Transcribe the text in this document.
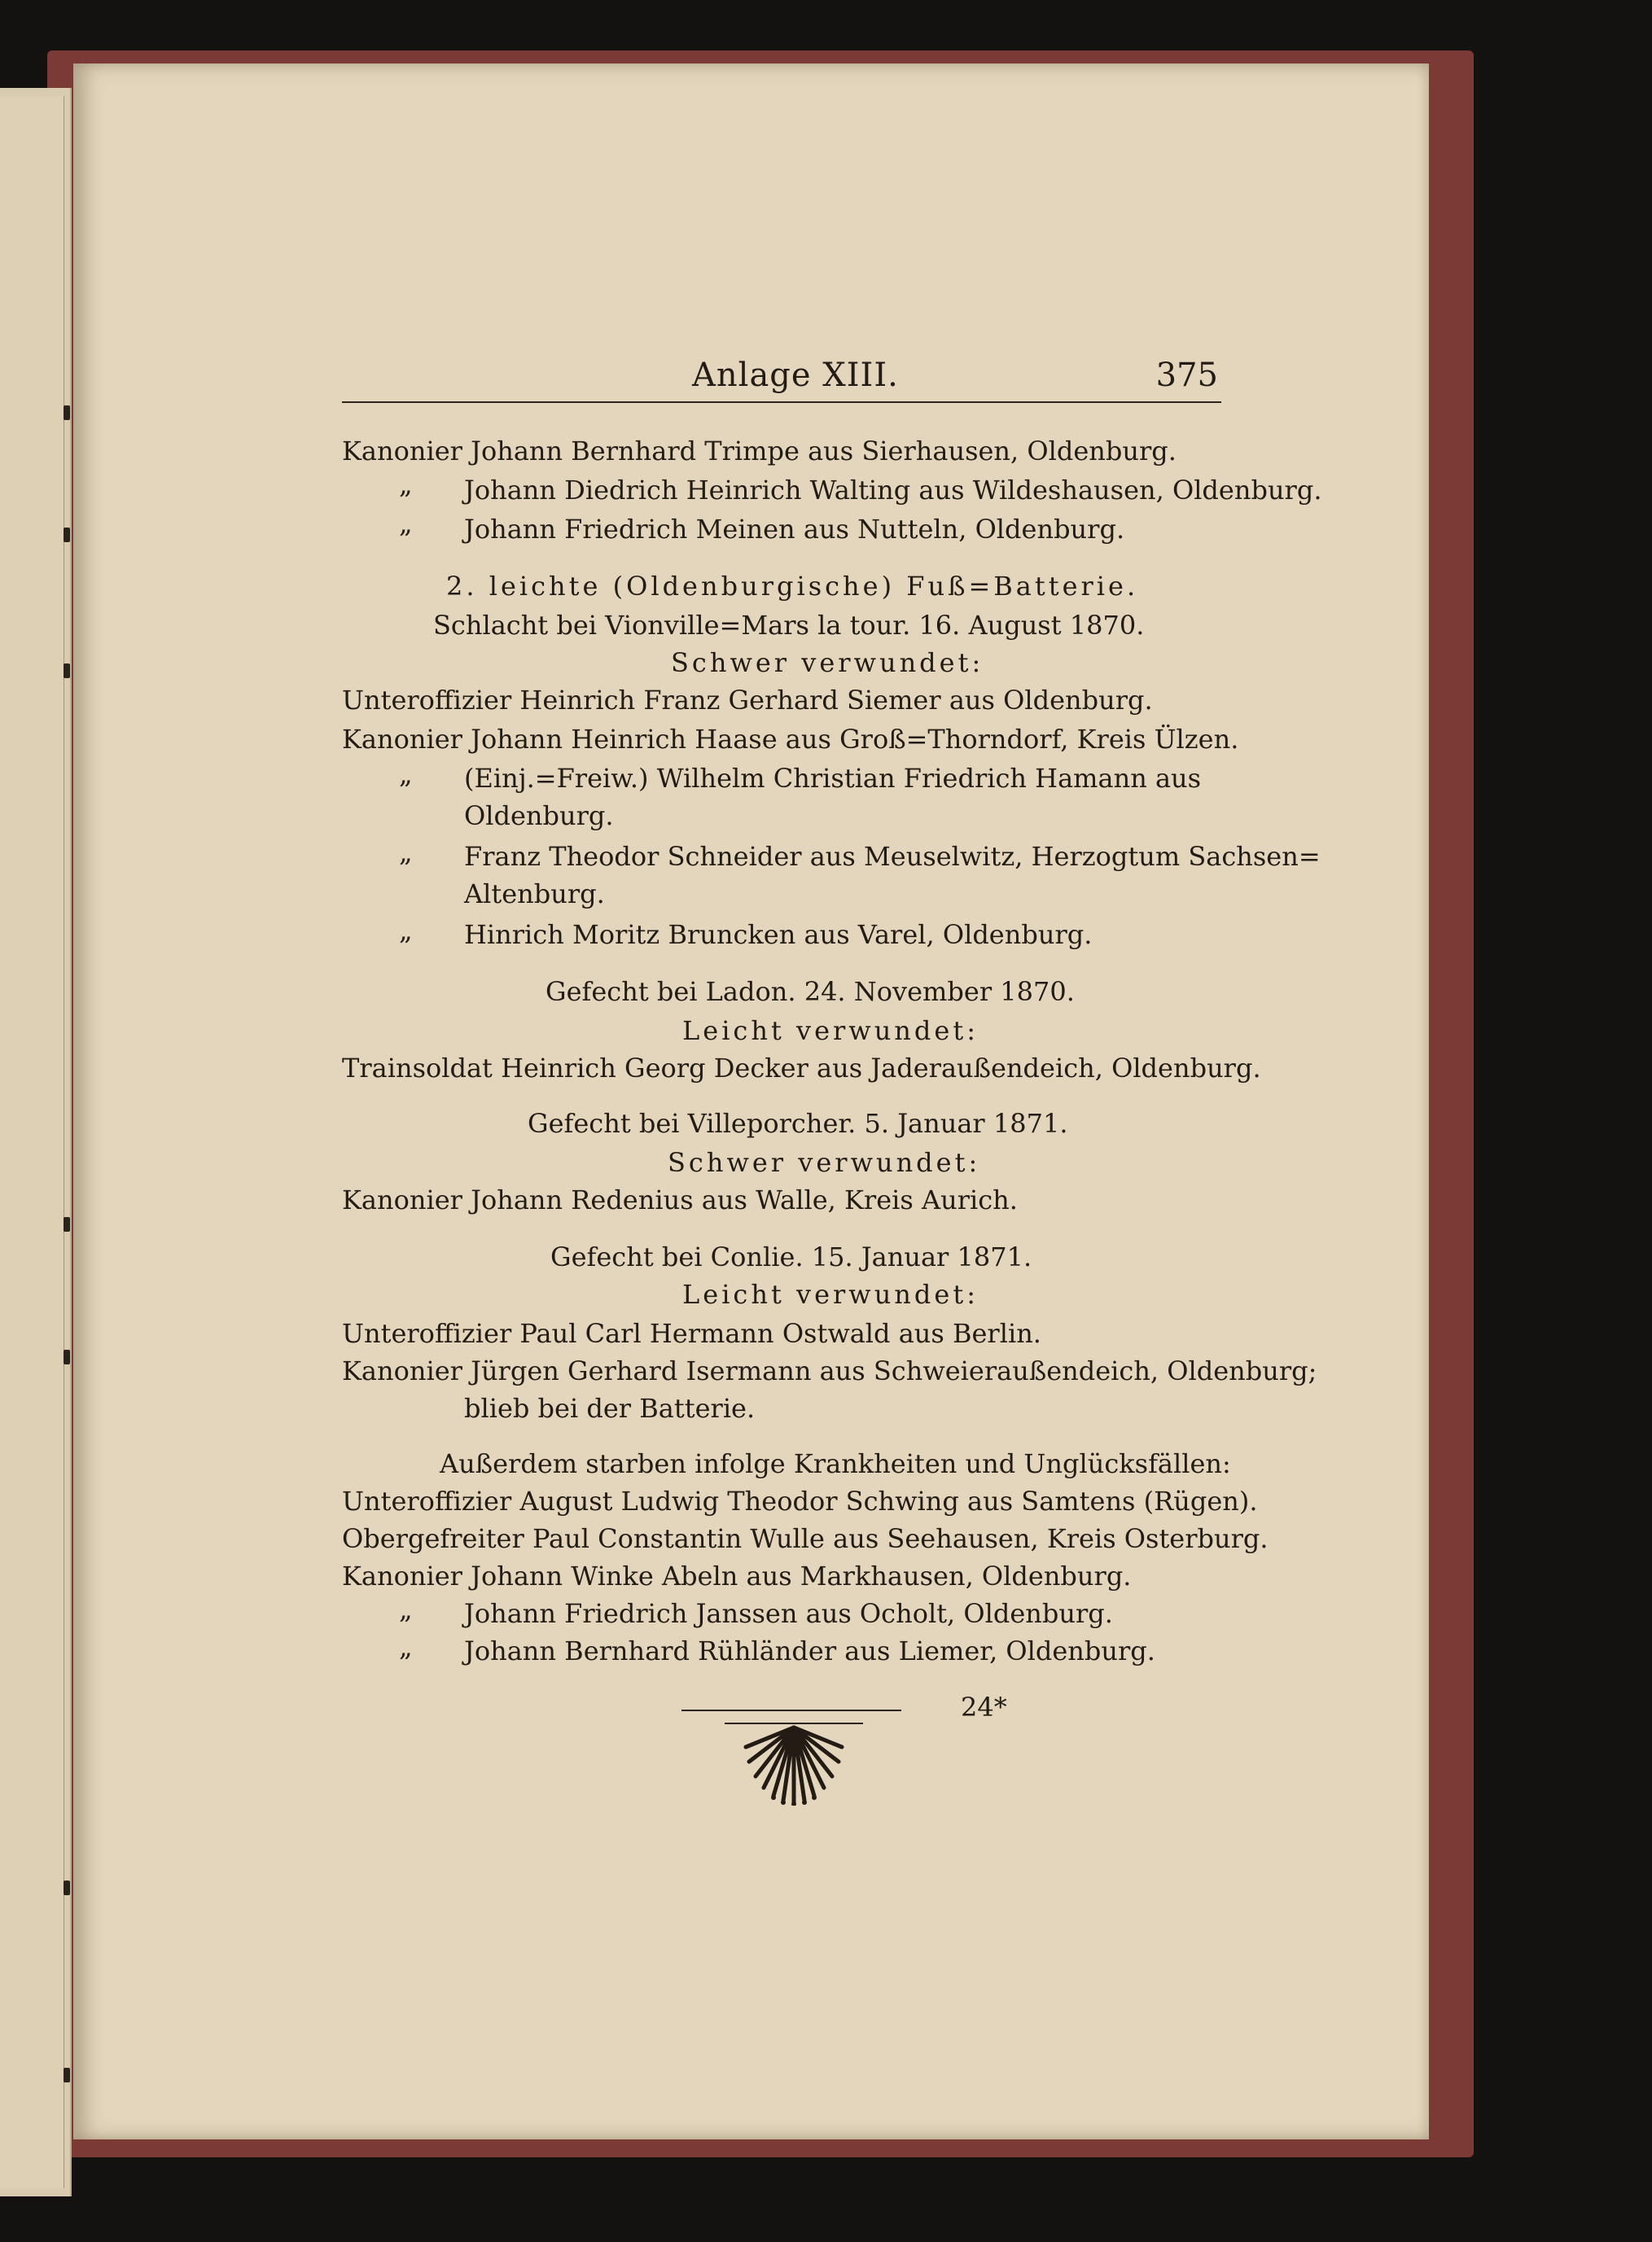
Anlage XIII.	375
Kanonier Johann Bernhard Trimpe aus Sierhausen, Oldenburg.
„ Johann Diedrich Heinrich Walting aus Wildeshausen, Oldenburg.
„ Johann Friedrich Meinen aus Nutteln, Oldenburg.
2. leichte (Oldenburgische) Fuß=Batterie.
Schlacht bei Vionville=Mars la tour. 16. August 1870.
Schwer verwundet:
Unteroffizier Heinrich Franz Gerhard Siemer aus Oldenburg.
Kanonier Johann Heinrich Haase aus Groß=Thorndorf, Kreis Ülzen.
„ (Einj.=Freiw.) Wilhelm Christian Friedrich Hamann aus
Oldenburg.
„ Franz Theodor Schneider aus Meuselwitz, Herzogtum Sachsen=
Altenburg.
„ Hinrich Moritz Bruncken aus Varel, Oldenburg.
Gefecht bei Ladon. 24. November 1870.
Leicht verwundet:
Trainsoldat Heinrich Georg Decker aus Jaderaußendeich, Oldenburg.
Gefecht bei Villeporcher. 5. Januar 1871.
Schwer verwundet:
Kanonier Johann Redenius aus Walle, Kreis Aurich.
Gefecht bei Conlie. 15. Januar 1871.
Leicht verwundet:
Unteroffizier Paul Carl Hermann Ostwald aus Berlin.
Kanonier Jürgen Gerhard Isermann aus Schweieraußendeich, Oldenburg;
blieb bei der Batterie.
Außerdem starben infolge Krankheiten und Unglücksfällen:
Unteroffizier August Ludwig Theodor Schwing aus Samtens (Rügen).
Obergefreiter Paul Constantin Wulle aus Seehausen, Kreis Osterburg.
Kanonier Johann Winke Abeln aus Markhausen, Oldenburg.
„ Johann Friedrich Janssen aus Ocholt, Oldenburg.
„ Johann Bernhard Rühländer aus Liemer, Oldenburg.
24*
